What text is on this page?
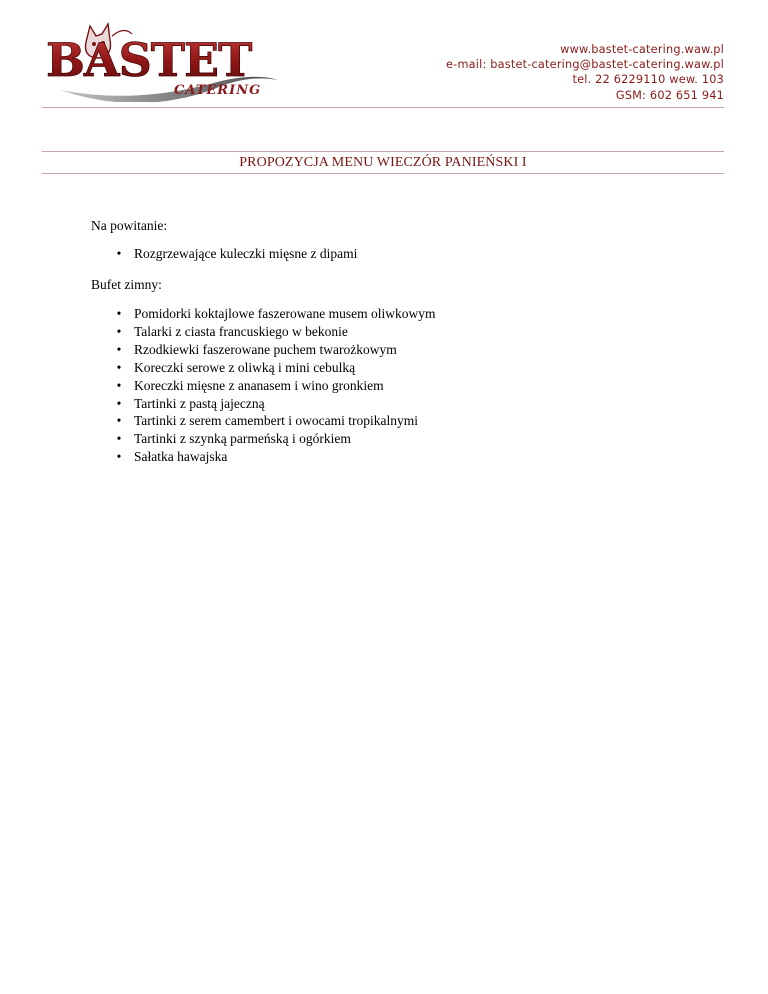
BASTET
CATERING
www.bastet-catering.waw.pl
e-mail: bastet-catering@bastet-catering.waw.pl
tel. 22 6229110 wew. 103
GSM: 602 651 941
PROPOZYCJA MENU WIECZÓR PANIEŃSKI I
Na powitanie:
• Rozgrzewające kuleczki mięsne z dipami
Bufet zimny:
• Pomidorki koktajlowe faszerowane musem oliwkowym
• Talarki z ciasta francuskiego w bekonie
• Rzodkiewki faszerowane puchem twarożkowym
• Koreczki serowe z oliwką i mini cebulką
• Koreczki mięsne z ananasem i wino gronkiem
• Tartinki z pastą jajeczną
• Tartinki z serem camembert i owocami tropikalnymi
• Tartinki z szynką parmeńską i ogórkiem
• Sałatka hawajska
